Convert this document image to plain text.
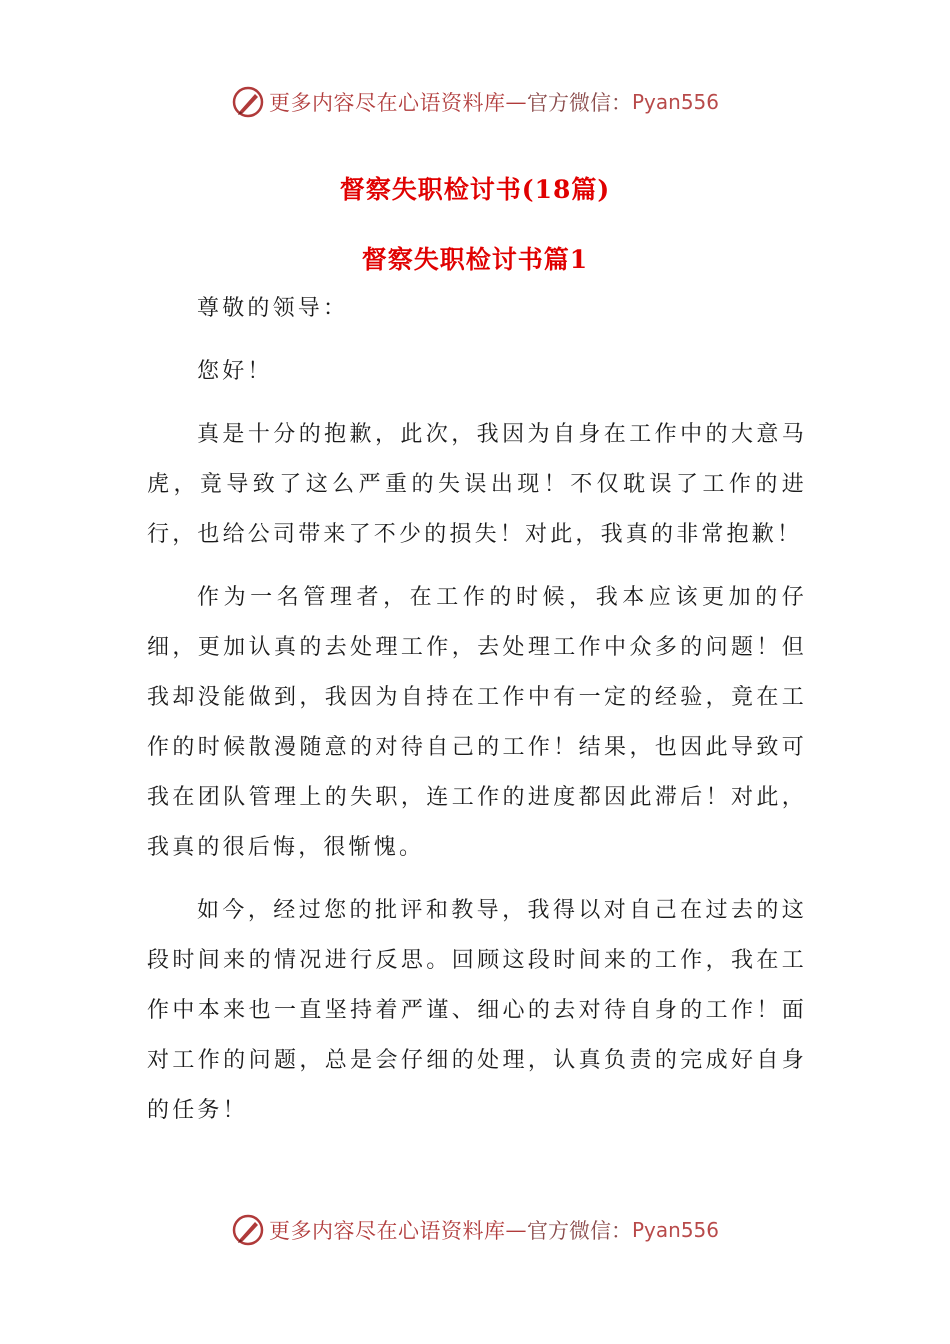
更多内容尽在心语资料库 — 官方微信： Pyan556
督察失职检讨书(18篇)
督察失职检讨书篇1

尊敬的领导：

您好！

真是十分的抱歉，此次，我因为自身在工作中的大意马虎，竟导致了这么严重的失误出现！不仅耽误了工作的进行，也给公司带来了不少的损失！对此，我真的非常抱歉！

作为一名管理者，在工作的时候，我本应该更加的仔细，更加认真的去处理工作，去处理工作中众多的问题！但我却没能做到，我因为自持在工作中有一定的经验，竟在工作的时候散漫随意的对待自己的工作！结果，也因此导致可我在团队管理上的失职，连工作的进度都因此滞后！对此，我真的很后悔，很惭愧。

如今，经过您的批评和教导，我得以对自己在过去的这段时间来的情况进行反思。回顾这段时间来的工作，我在工作中本来也一直坚持着严谨、细心的去对待自身的工作！面对工作的问题，总是会仔细的处理，认真负责的完成好自身的任务！

更多内容尽在心语资料库 — 官方微信： Pyan556
